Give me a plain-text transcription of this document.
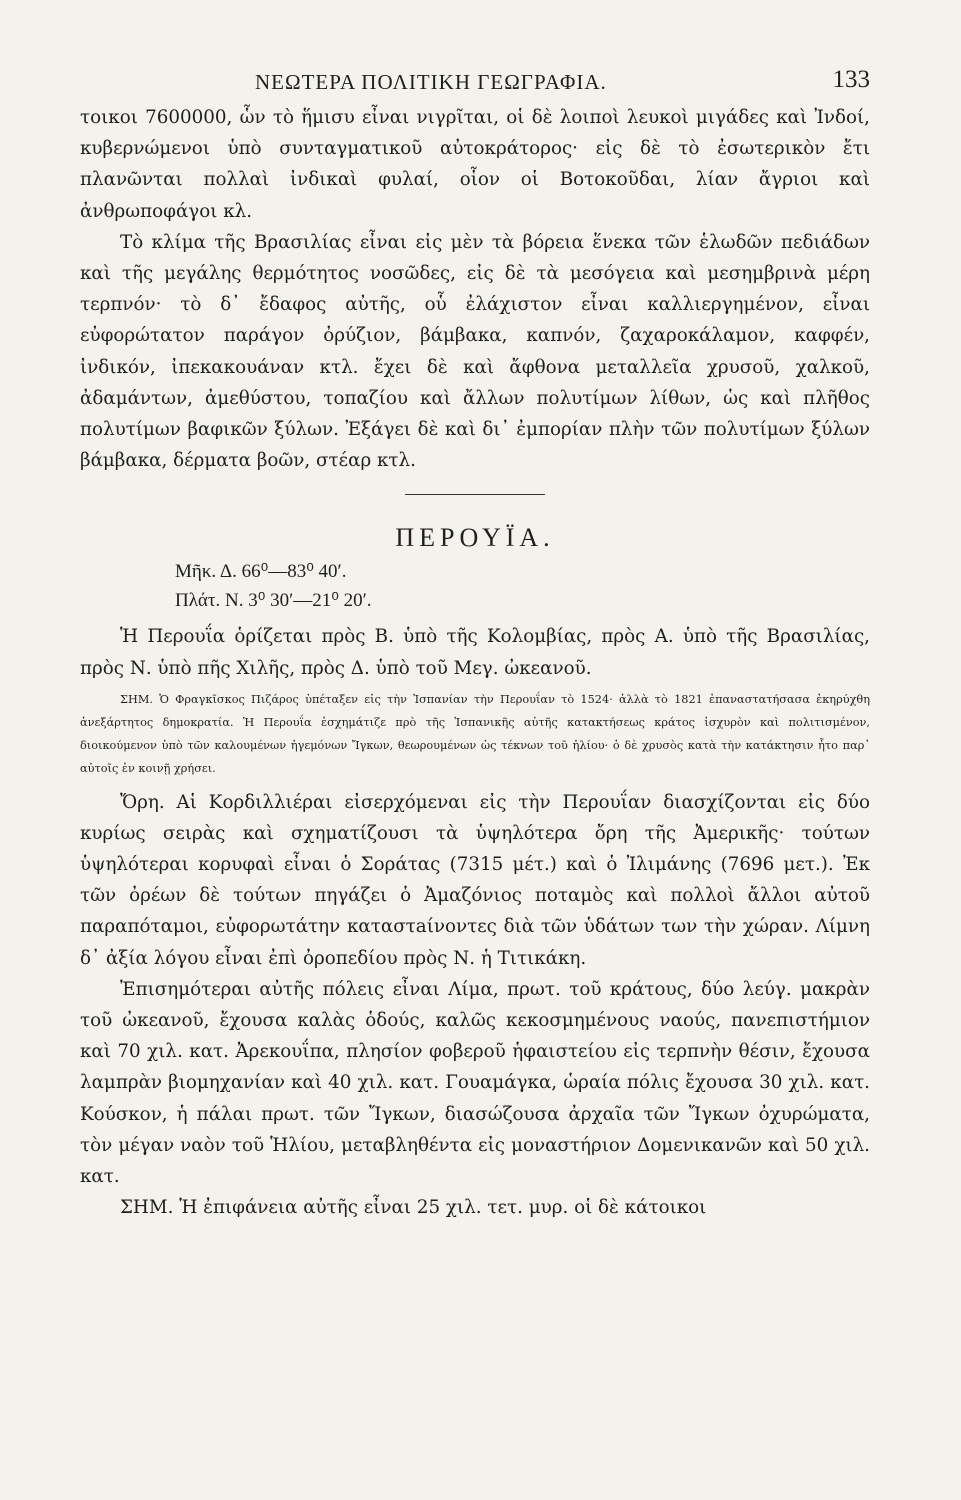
ΝΕΩΤΕΡΑ ΠΟΛΙΤΙΚΗ ΓΕΩΓΡΑΦΙΑ.	133

τοικοι 7600000, ὧν τὸ ἥμισυ εἶναι νιγρῖται, οἱ δὲ λοιποὶ λευκοὶ μιγάδες καὶ Ἰνδοί, κυβερνώμενοι ὑπὸ συνταγματικοῦ αὐτοκράτορος· εἰς δὲ τὸ ἐσωτερικὸν ἔτι πλανῶνται πολλαὶ ἰνδικαὶ φυλαί, οἷον οἱ Βοτοκοῦδαι, λίαν ἄγριοι καὶ ἀνθρωποφάγοι κλ.

Τὸ κλίμα τῆς Βρασιλίας εἶναι εἰς μὲν τὰ βόρεια ἕνεκα τῶν ἑλωδῶν πεδιάδων καὶ τῆς μεγάλης θερμότητος νοσῶδες, εἰς δὲ τὰ μεσόγεια καὶ μεσημβρινὰ μέρη τερπνόν· τὸ δ᾽ ἔδαφος αὐτῆς, οὗ ἐλάχιστον εἶναι καλλιεργημένον, εἶναι εὐφορώτατον παράγον ὀρύζιον, βάμβακα, καπνόν, ζαχαροκάλαμον, καφφέν, ἰνδικόν, ἰπεκακουάναν κτλ. ἔχει δὲ καὶ ἄφθονα μεταλλεῖα χρυσοῦ, χαλκοῦ, ἀδαμάντων, ἀμεθύστου, τοπαζίου καὶ ἄλλων πολυτίμων λίθων, ὡς καὶ πλῆθος πολυτίμων βαφικῶν ξύλων. Ἐξάγει δὲ καὶ δι᾽ ἐμπορίαν πλὴν τῶν πολυτίμων ξύλων βάμβακα, δέρματα βοῶν, στέαρ κτλ.

ΠΕΡΟΥΪΑ.
Μῆκ. Δ. 66⁰—83⁰ 40′.
Πλάτ. Ν. 3⁰ 30′—21⁰ 20′.

Ἡ Περουΐα ὁρίζεται πρὸς Β. ὑπὸ τῆς Κολομβίας, πρὸς Α. ὑπὸ τῆς Βρασιλίας, πρὸς Ν. ὑπὸ πῆς Χιλῆς, πρὸς Δ. ὑπὸ τοῦ Μεγ. ὠκεανοῦ.

ΣΗΜ. Ὁ Φραγκῖσκος Πιζάρος ὑπέταξεν εἰς τὴν Ἰσπανίαν τὴν Περουΐαν τὸ 1524· ἀλλὰ τὸ 1821 ἐπαναστατήσασα ἐκηρύχθη ἀνεξάρτητος δημοκρατία. Ἡ Περουΐα ἐσχημάτιζε πρὸ τῆς Ἰσπανικῆς αὐτῆς κατακτήσεως κράτος ἰσχυρὸν καὶ πολιτισμένον, διοικούμενον ὑπὸ τῶν καλουμένων ἡγεμόνων Ἴγκων, θεωρουμένων ὡς τέκνων τοῦ ἡλίου· ὁ δὲ χρυσὸς κατὰ τὴν κατάκτησιν ἦτο παρ᾽ αὐτοῖς ἐν κοινῇ χρήσει.

Ὄρη. Αἱ Κορδιλλιέραι εἰσερχόμεναι εἰς τὴν Περουΐαν διασχίζονται εἰς δύο κυρίως σειρὰς καὶ σχηματίζουσι τὰ ὑψηλότερα ὄρη τῆς Ἀμερικῆς· τούτων ὑψηλότεραι κορυφαὶ εἶναι ὁ Σοράτας (7315 μέτ.) καὶ ὁ Ἰλιμάνης (7696 μετ.). Ἐκ τῶν ὀρέων δὲ τούτων πηγάζει ὁ Ἀμαζόνιος ποταμὸς καὶ πολλοὶ ἄλλοι αὐτοῦ παραπόταμοι, εὐφορωτάτην καταστaίνοντες διὰ τῶν ὑδάτων των τὴν χώραν. Λίμνη δ᾽ ἀξία λόγου εἶναι ἐπὶ ὀροπεδίου πρὸς Ν. ἡ Τιτικάκη.

Ἐπισημότεραι αὐτῆς πόλεις εἶναι Λίμα, πρωτ. τοῦ κράτους, δύο λεύγ. μακρὰν τοῦ ὠκεανοῦ, ἔχουσα καλὰς ὁδούς, καλῶς κεκοσμημένους ναούς, πανεπιστήμιον καὶ 70 χιλ. κατ. Ἀρεκουΐπα, πλησίον φοβεροῦ ἡφαιστείου εἰς τερπνὴν θέσιν, ἔχουσα λαμπρὰν βιομηχανίαν καὶ 40 χιλ. κατ. Γουαμάγκα, ὡραία πόλις ἔχουσα 30 χιλ. κατ. Κούσκον, ἡ πάλαι πρωτ. τῶν Ἴγκων, διασώζουσα ἀρχαῖα τῶν Ἴγκων ὀχυρώματα, τὸν μέγαν ναὸν τοῦ Ἡλίου, μεταβληθέντα εἰς μοναστήριον Δομενικανῶν καὶ 50 χιλ. κατ.

ΣΗΜ. Ἡ ἐπιφάνεια αὐτῆς εἶναι 25 χιλ. τετ. μυρ. οἱ δὲ κάτοικοι
